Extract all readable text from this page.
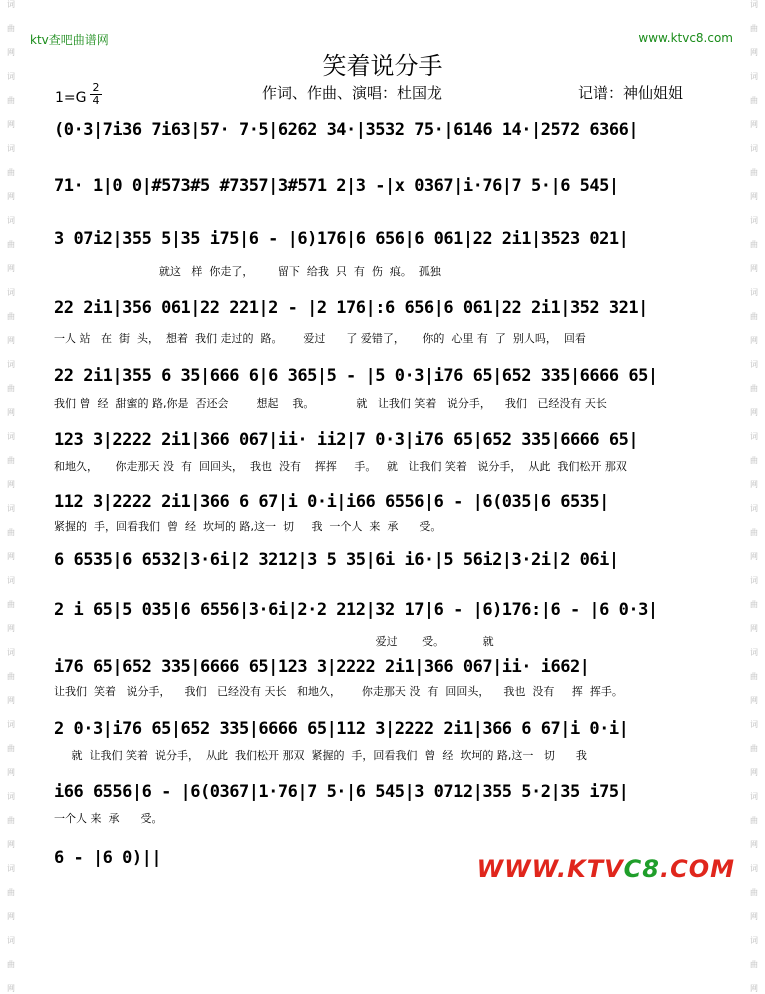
词
曲
网
词
曲
网
词
曲
网
词
曲
网
词
曲
网
词
曲
网
词
曲
网
词
曲
网
词
曲
网
词
曲
网
词
曲
网
词
曲
网
词
曲
网
词
曲
网
词
曲
网
词
曲
网
词
曲
网
词
曲
网
词
曲
网
词
曲
网
词
曲
网
词
曲
网
词
曲
网
词
曲
网
词
曲
网
词
曲
网
词
曲
网
词
曲
网
ktv查吧曲谱网	www.ktvc8.com
笑着说分手
1=G
2
4	作词、作曲、演唱：杜国龙	记谱：神仙姐姐
(0·3|7i36 7i63|57· 7·5|6262 34·|3532 75·|6146 14·|2572 6366|
71· 1|0 0|#573#5 #7357|3#571 2|3 -|x 0367|i·76|7 5·|6 545|
3 07i2|355 5|35 i75|6 - |6)176|6 656|6 061|22 2i1|3523 021|
就这   样  你走了，       留下  给我  只  有  伤  痕。  孤独
22 2i1|356 061|22 221|2 - |2 176|:6 656|6 061|22 2i1|352 321|
一人 站   在  街  头，  想着  我们 走过的  路。      爱过      了 爱错了，     你的  心里 有  了  别人吗，  回看
22 2i1|355 6 35|666 6|6 365|5 - |5 0·3|i76 65|652 335|6666 65|
我们 曾  经  甜蜜的 路,你是  否还会        想起    我。            就   让我们 笑着   说分手，    我们   已经没有 天长
123 3|2222 2i1|366 067|ii· ii2|7 0·3|i76 65|652 335|6666 65|
和地久，     你走那天 没  有  回回头，  我也  没有    挥挥     手。   就   让我们 笑着   说分手，  从此  我们松开 那双
112 3|2222 2i1|366 6 67|i 0·i|i66 6556|6 - |6(035|6 6535|
紧握的  手，回看我们  曾  经  坎坷的 路,这一  切     我  一个人  来  承      受。
6 6535|6 6532|3·6i|2 3212|3 5 35|6i i6·|5 56i2|3·2i|2 06i|
2 i 65|5 035|6 6556|3·6i|2·2 212|32 17|6 - |6)176:|6 - |6 0·3|
爱过       受。           就
i76 65|652 335|6666 65|123 3|2222 2i1|366 067|ii· i662|
让我们  笑着   说分手，    我们   已经没有 天长   和地久，      你走那天 没  有  回回头，    我也  没有     挥  挥手。
2 0·3|i76 65|652 335|6666 65|112 3|2222 2i1|366 6 67|i 0·i|
就  让我们 笑着  说分手，  从此  我们松开 那双  紧握的  手，回看我们  曾  经  坎坷的 路,这一   切      我
i66 6556|6 - |6(0367|1·76|7 5·|6 545|3 0712|355 5·2|35 i75|
一个人 来  承      受。
6 - |6 0)||	WWW.KTVC8.COM
